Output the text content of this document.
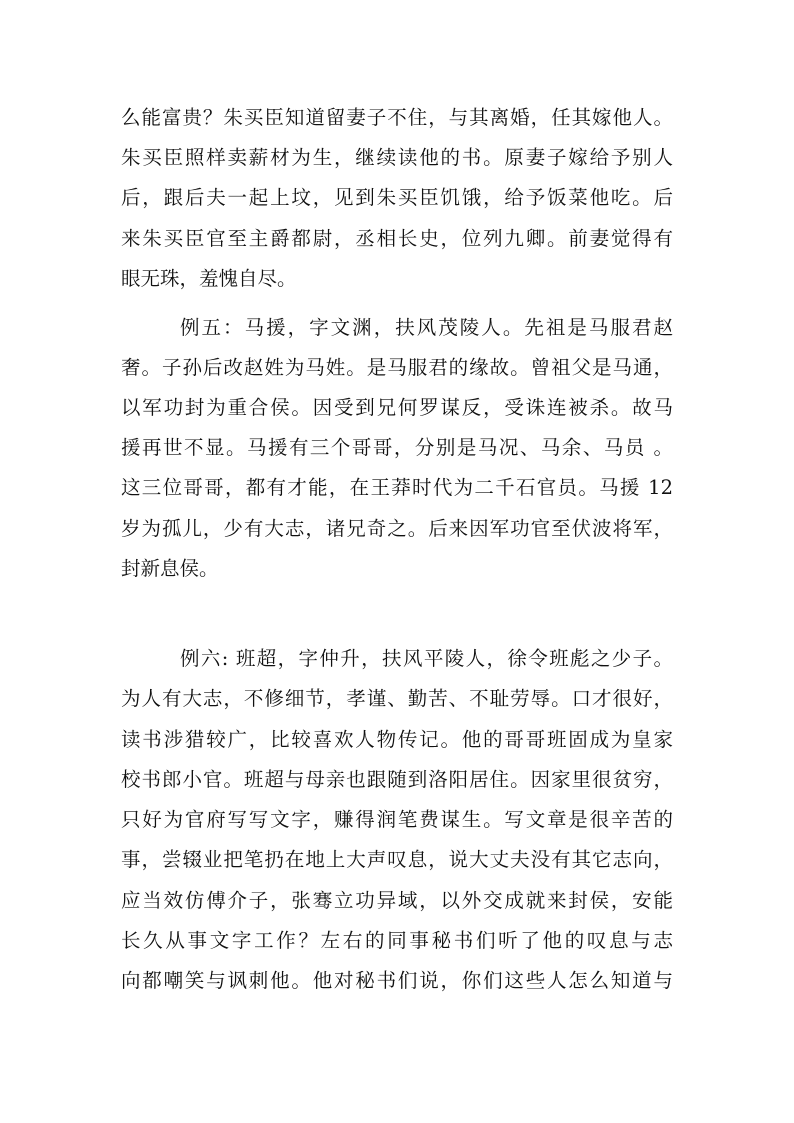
么能富贵？朱买臣知道留妻子不住，与其离婚，任其嫁他人。
朱买臣照样卖薪材为生，继续读他的书。原妻子嫁给予别人
后，跟后夫一起上坟，见到朱买臣饥饿，给予饭菜他吃。后
来朱买臣官至主爵都尉，丞相长史，位列九卿。前妻觉得有
眼无珠，羞愧自尽。
例五：马援，字文渊，扶风茂陵人。先祖是马服君赵
奢。子孙后改赵姓为马姓。是马服君的缘故。曾祖父是马通，
以军功封为重合侯。因受到兄何罗谋反，受诛连被杀。故马
援再世不显。马援有三个哥哥，分别是马况、马余、马员 。
这三位哥哥，都有才能，在王莽时代为二千石官员。马援 12
岁为孤儿，少有大志，诸兄奇之。后来因军功官至伏波将军，
封新息侯。
例六: 班超，字仲升，扶风平陵人，徐令班彪之少子。
为人有大志，不修细节，孝谨、勤苦、不耻劳辱。口才很好，
读书涉猎较广，比较喜欢人物传记。他的哥哥班固成为皇家
校书郎小官。班超与母亲也跟随到洛阳居住。因家里很贫穷，
只好为官府写写文字，赚得润笔费谋生。写文章是很辛苦的
事，尝辍业把笔扔在地上大声叹息，说大丈夫没有其它志向，
应当效仿傅介子，张骞立功异域，以外交成就来封侯，安能
长久从事文字工作？左右的同事秘书们听了他的叹息与志
向都嘲笑与讽刺他。他对秘书们说，你们这些人怎么知道与
